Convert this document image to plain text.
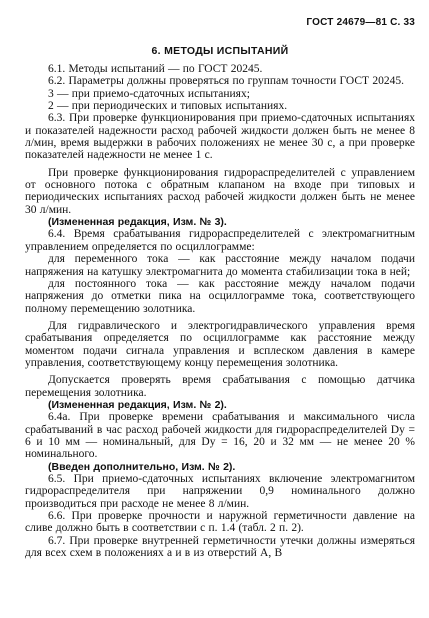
ГОСТ 24679—81 С. 33
6. МЕТОДЫ ИСПЫТАНИЙ

6.1. Методы испытаний — по ГОСТ 20245.

6.2. Параметры должны проверяться по группам точности ГОСТ 20245.

3 — при приемо-сдаточных испытаниях;

2 — при периодических и типовых испытаниях.

6.3. При проверке функционирования при приемо-сдаточных испытаниях и показателей надежности расход рабочей жидкости должен быть не менее 8 л/мин, время выдержки в рабочих положениях не менее 30 с, а при проверке показателей надежности не менее 1 с.

При проверке функционирования гидрораспределителей с управлением от основного потока с обратным клапаном на входе при типовых и периодических испытаниях расход рабочей жидкости должен быть не менее 30 л/мин.

(Измененная редакция, Изм. № 3).

6.4. Время срабатывания гидрораспределителей с электромагнитным управлением определяется по осциллограмме:

для переменного тока — как расстояние между началом подачи напряжения на катушку электромагнита до момента стабилизации тока в ней;

для постоянного тока — как расстояние между началом подачи напряжения до отметки пика на осциллограмме тока, соответствующего полному перемещению золотника.

Для гидравлического и электрогидравлического управления время срабатывания определяется по осциллограмме как расстояние между моментом подачи сигнала управления и всплеском давления в камере управления, соответствующему концу перемещения золотника.

Допускается проверять время срабатывания с помощью датчика перемещения золотника.

(Измененная редакция, Изм. № 2).

6.4а. При проверке времени срабатывания и максимального числа срабатываний в час расход рабочей жидкости для гидрораспределителей Dу = 6 и 10 мм — номинальный, для Dу = 16, 20 и 32 мм — не менее 20 % номинального.

(Введен дополнительно, Изм. № 2).

6.5. При приемо-сдаточных испытаниях включение электромагнитом гидрораспределителя при напряжении 0,9 номинального должно производиться при расходе не менее 8 л/мин.

6.6. При проверке прочности и наружной герметичности давление на сливе должно быть в соответствии с п. 1.4 (табл. 2 п. 2).

6.7. При проверке внутренней герметичности утечки должны измеряться для всех схем в положениях а и в из отверстий А, В
